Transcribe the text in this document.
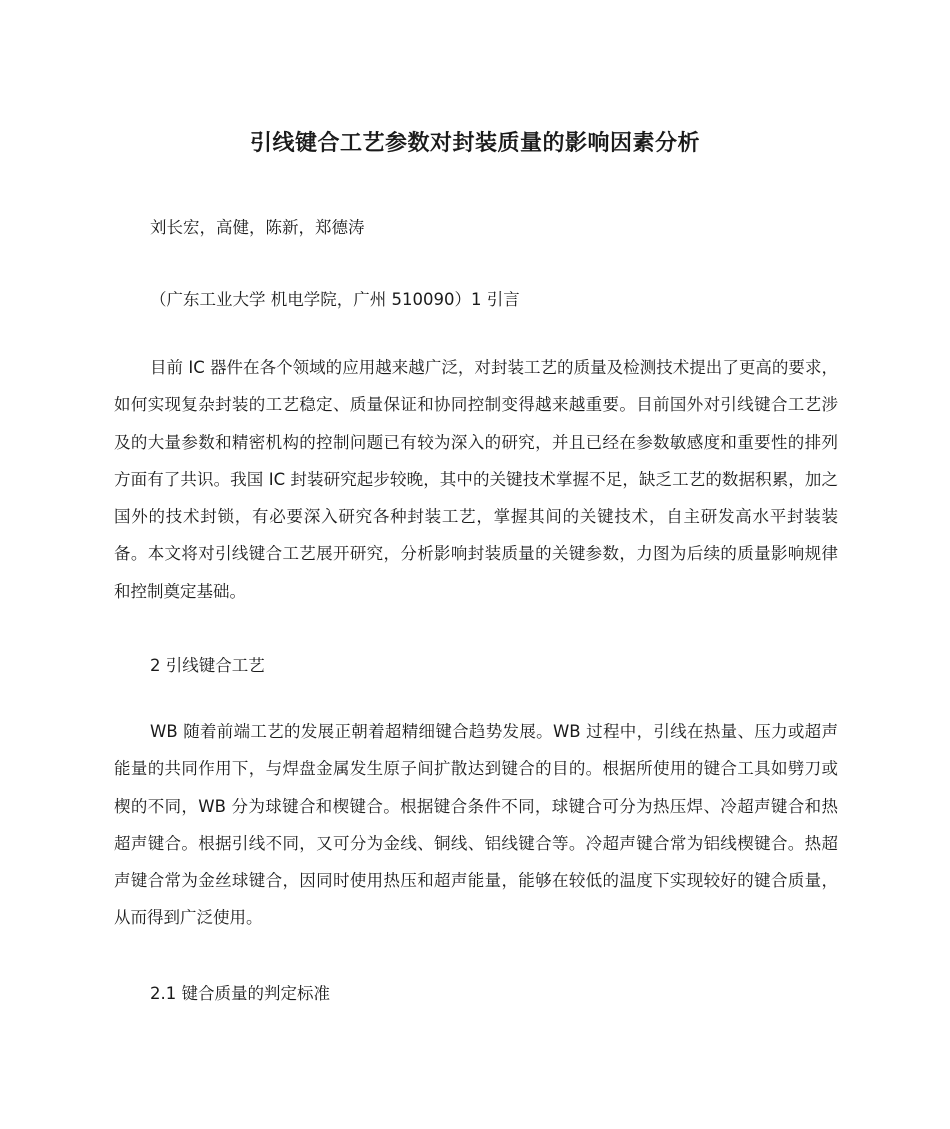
引线键合工艺参数对封装质量的影响因素分析

刘长宏，高健，陈新，郑德涛

（广东工业大学 机电学院，广州 510090）1 引言

目前 IC 器件在各个领域的应用越来越广泛，对封装工艺的质量及检测技术提出了更高的要求，如何实现复杂封装的工艺稳定、质量保证和协同控制变得越来越重要。目前国外对引线键合工艺涉及的大量参数和精密机构的控制问题已有较为深入的研究，并且已经在参数敏感度和重要性的排列方面有了共识。我国 IC 封装研究起步较晚，其中的关键技术掌握不足，缺乏工艺的数据积累，加之国外的技术封锁，有必要深入研究各种封装工艺，掌握其间的关键技术，自主研发高水平封装装备。本文将对引线键合工艺展开研究，分析影响封装质量的关键参数，力图为后续的质量影响规律和控制奠定基础。

2 引线键合工艺

WB 随着前端工艺的发展正朝着超精细键合趋势发展。WB 过程中，引线在热量、压力或超声能量的共同作用下，与焊盘金属发生原子间扩散达到键合的目的。根据所使用的键合工具如劈刀或楔的不同，WB 分为球键合和楔键合。根据键合条件不同，球键合可分为热压焊、冷超声键合和热超声键合。根据引线不同，又可分为金线、铜线、铝线键合等。冷超声键合常为铝线楔键合。热超声键合常为金丝球键合，因同时使用热压和超声能量，能够在较低的温度下实现较好的键合质量，从而得到广泛使用。

2.1 键合质量的判定标准
